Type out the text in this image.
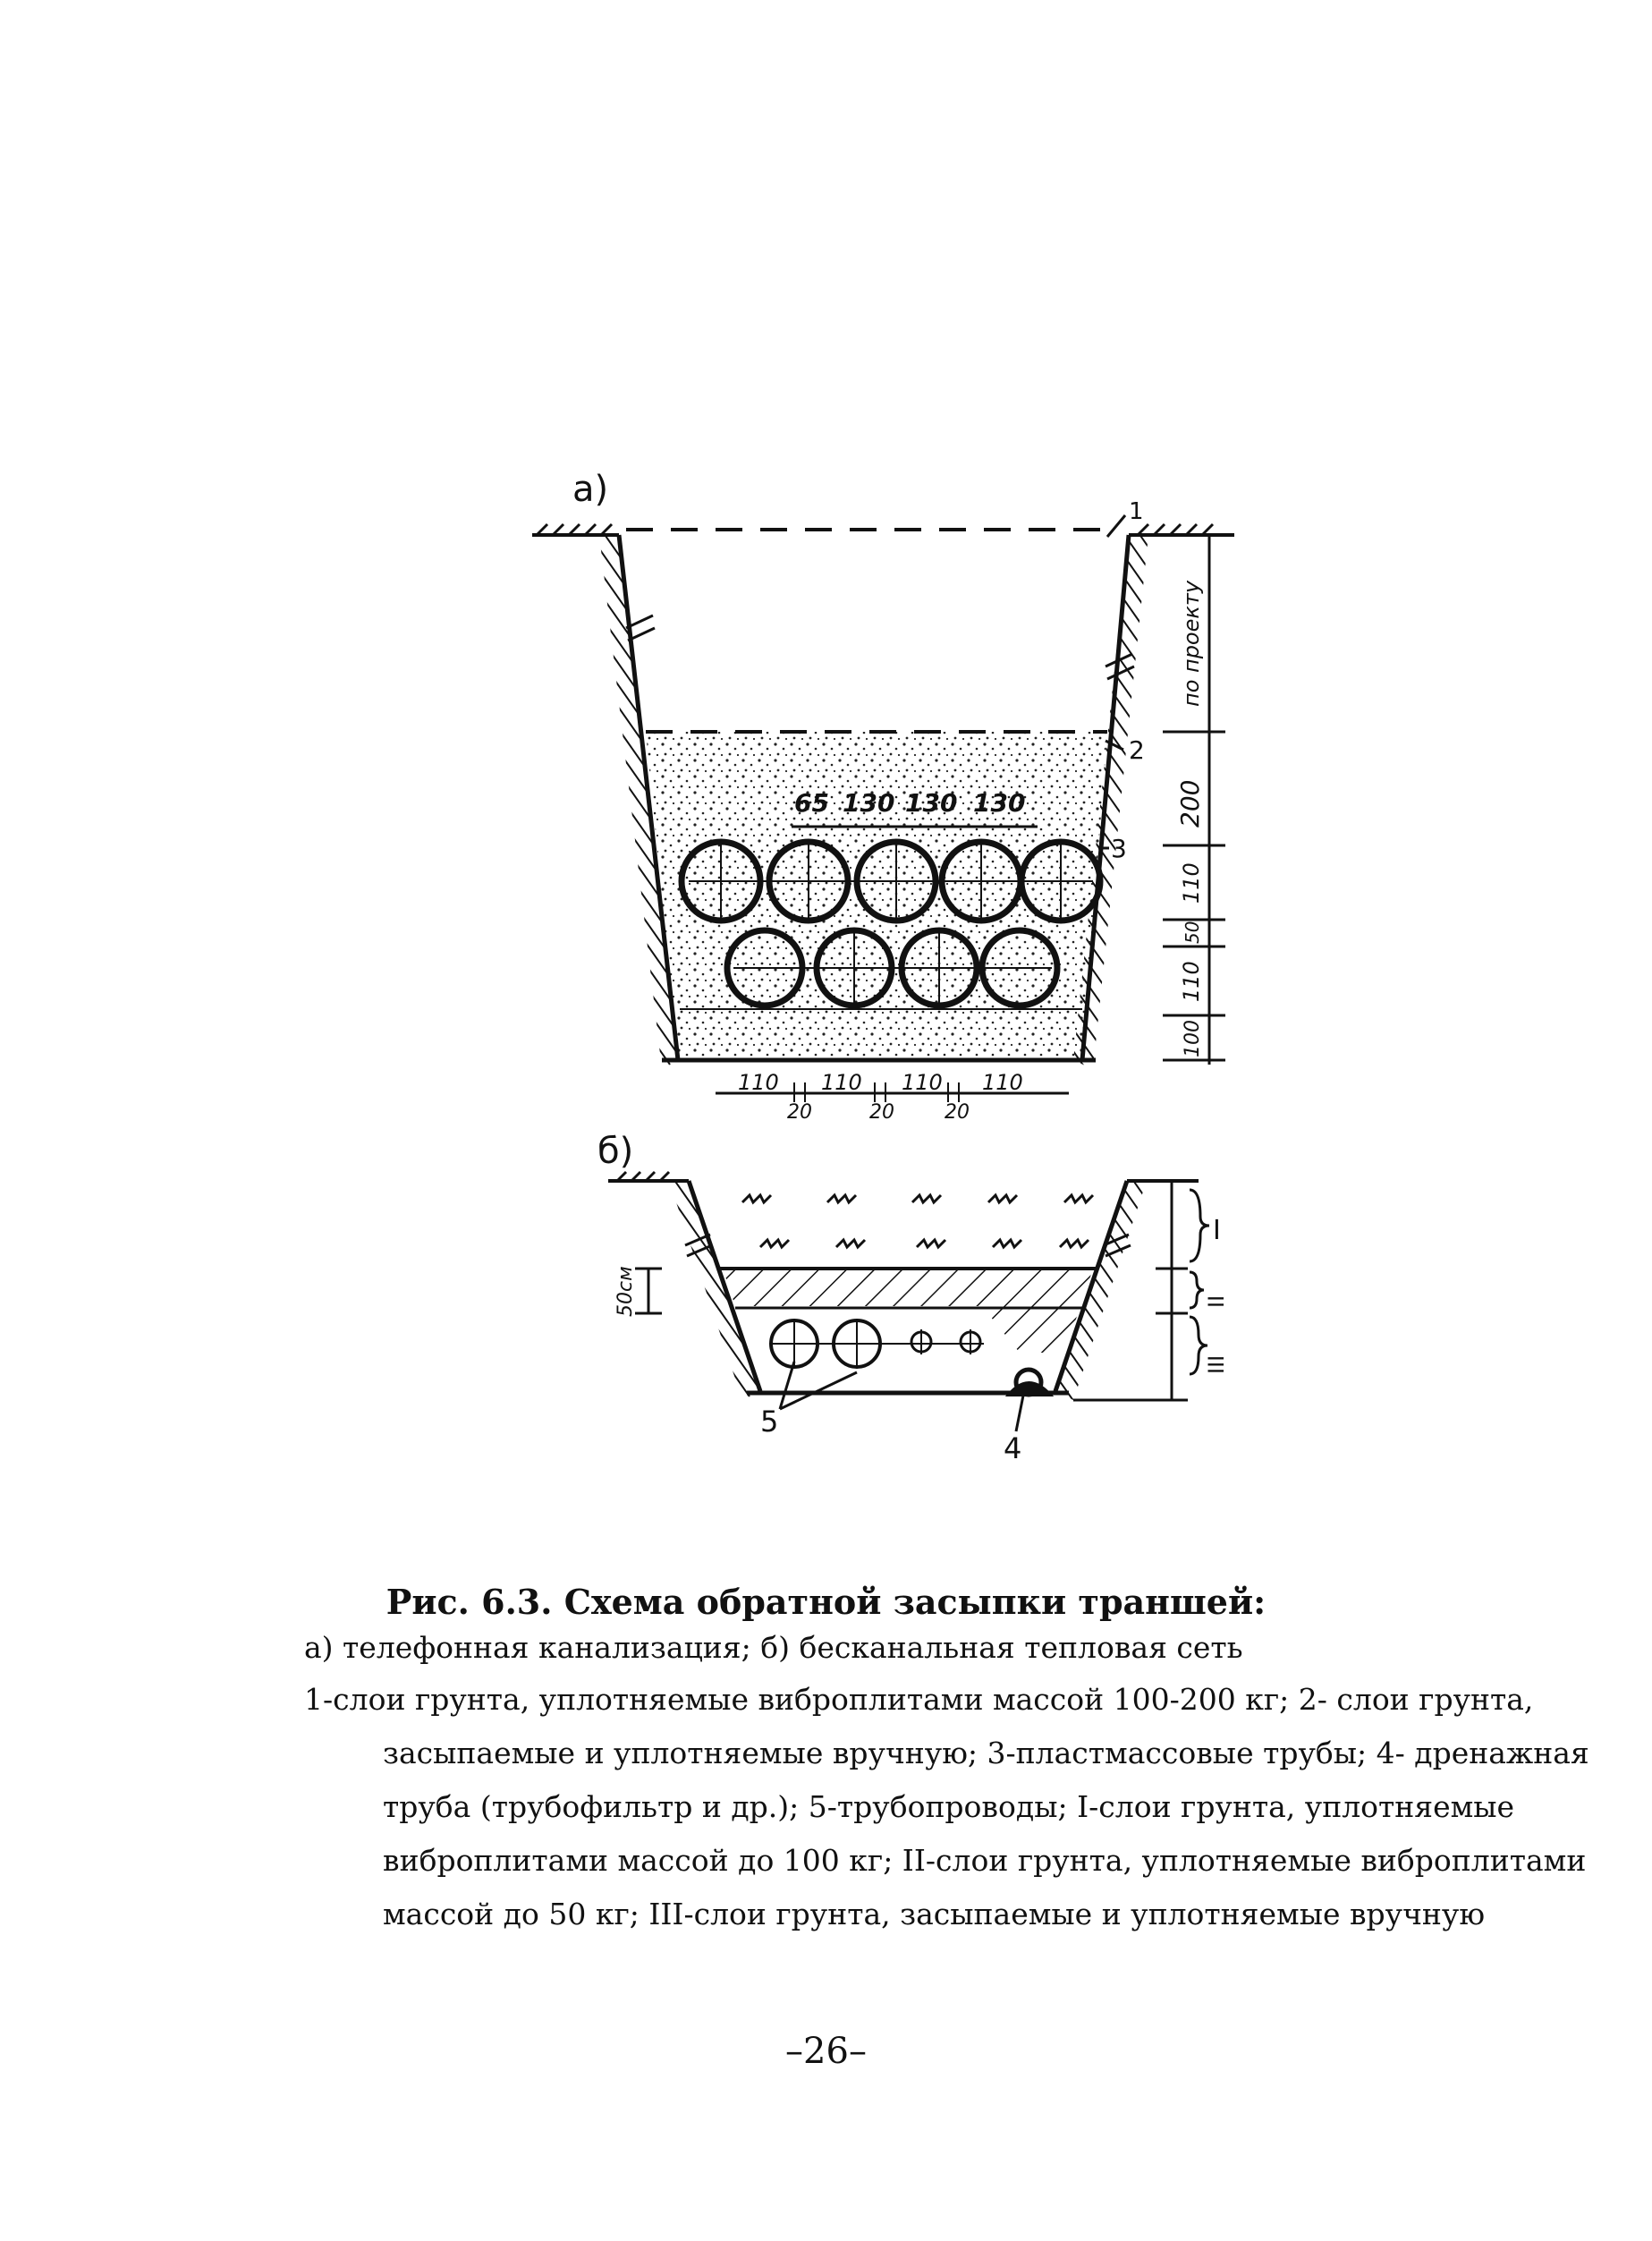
а)
1
2
3
65 130 130 130
по проекту
200
110
50
110
100
110 110 110 110
20	20	20
б)
5
4
50см
I
II
III
Рис. 6.3. Схема обратной засыпки траншей:
а) телефонная канализация; б) бесканальная тепловая сеть
1-слои грунта, уплотняемые виброплитами массой 100-200 кг; 2- слои грунта,
засыпаемые и уплотняемые вручную; 3-пластмассовые трубы; 4- дренажная
труба (трубофильтр и др.); 5-трубопроводы; I-слои грунта, уплотняемые
виброплитами массой до 100 кг; II-слои грунта, уплотняемые виброплитами
массой до 50 кг; III-слои грунта, засыпаемые и уплотняемые вручную
–26–
